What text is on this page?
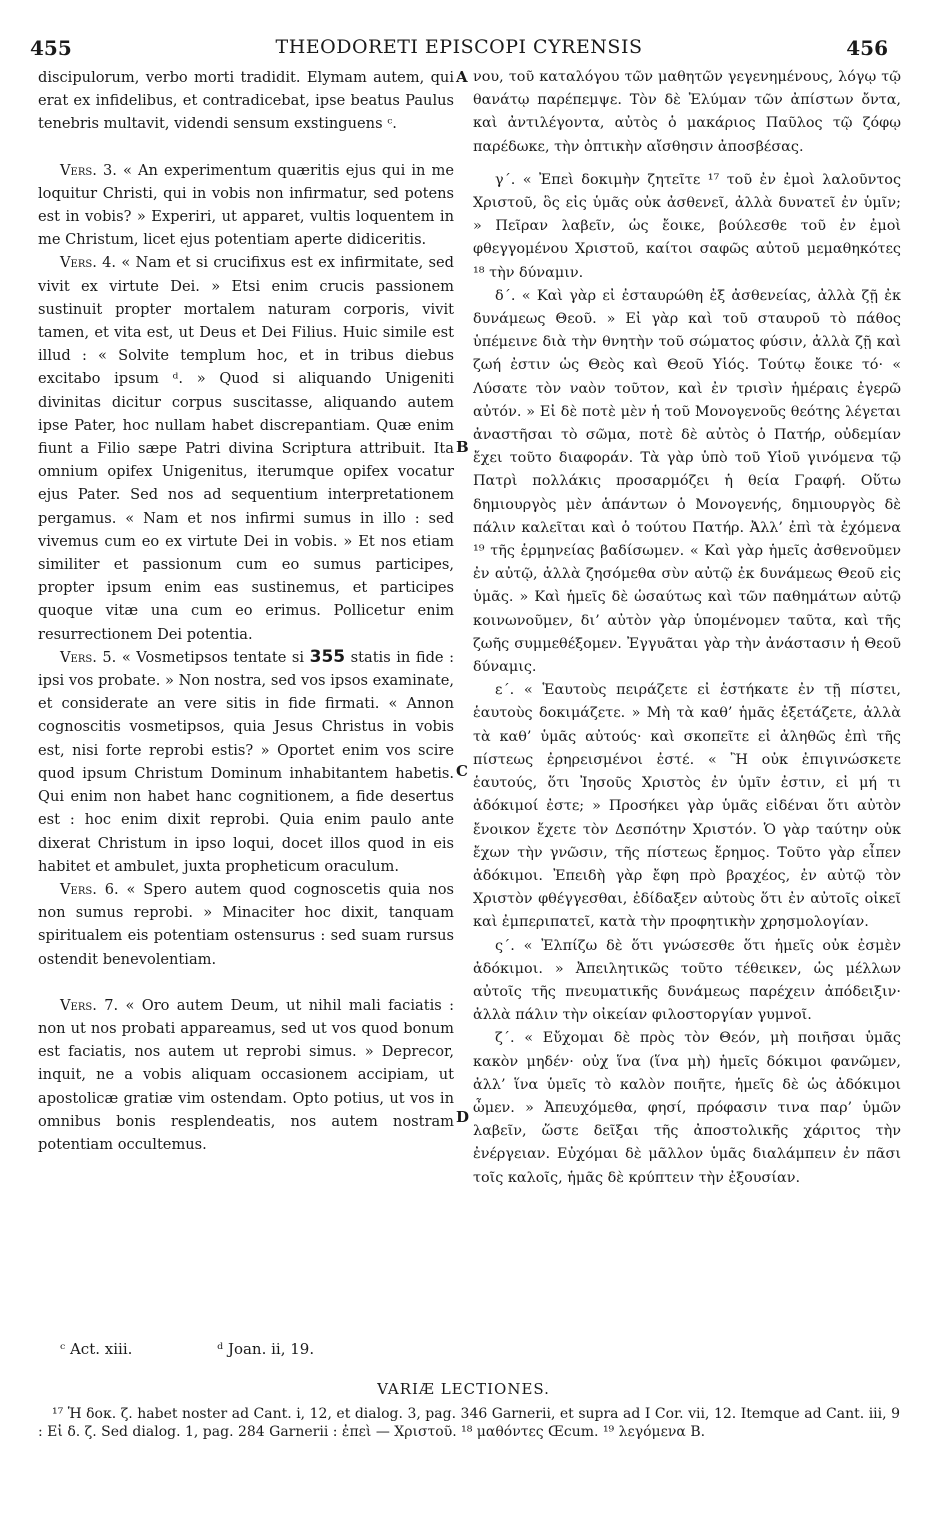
455	THEODORETI EPISCOPI CYRENSIS	456

discipulorum, verbo morti tradidit. Elymam autem, qui erat ex infidelibus, et contradicebat, ipse beatus Paulus tenebris multavit, videndi sensum exstinguens ᶜ.

Vers. 3. « An experimentum quæritis ejus qui in me loquitur Christi, qui in vobis non infirmatur, sed potens est in vobis? » Experiri, ut apparet, vultis loquentem in me Christum, licet ejus potentiam aperte didiceritis.

Vers. 4. « Nam et si crucifixus est ex infirmitate, sed vivit ex virtute Dei. » Etsi enim crucis passionem sustinuit propter mortalem naturam corporis, vivit tamen, et vita est, ut Deus et Dei Filius. Huic simile est illud : « Solvite templum hoc, et in tribus diebus excitabo ipsum ᵈ. » Quod si aliquando Unigeniti divinitas dicitur corpus suscitasse, aliquando autem ipse Pater, hoc nullam habet discrepantiam. Quæ enim fiunt a Filio sæpe Patri divina Scriptura attribuit. Ita omnium opifex Unigenitus, iterumque opifex vocatur ejus Pater. Sed nos ad sequentium interpretationem pergamus. « Nam et nos infirmi sumus in illo : sed vivemus cum eo ex virtute Dei in vobis. » Et nos etiam similiter et passionum cum eo sumus participes, propter ipsum enim eas sustinemus, et participes quoque vitæ una cum eo erimus. Pollicetur enim resurrectionem Dei potentia.

Vers. 5. « Vosmetipsos tentate si 355 statis in fide : ipsi vos probate. » Non nostra, sed vos ipsos examinate, et considerate an vere sitis in fide firmati. « Annon cognoscitis vosmetipsos, quia Jesus Christus in vobis est, nisi forte reprobi estis? » Oportet enim vos scire quod ipsum Christum Dominum inhabitantem habetis. Qui enim non habet hanc cognitionem, a fide desertus est : hoc enim dixit reprobi. Quia enim paulo ante dixerat Christum in ipso loqui, docet illos quod in eis habitet et ambulet, juxta propheticum oraculum.

Vers. 6. « Spero autem quod cognoscetis quia nos non sumus reprobi. » Minaciter hoc dixit, tanquam spiritualem eis potentiam ostensurus : sed suam rursus ostendit benevolentiam.

Vers. 7. « Oro autem Deum, ut nihil mali faciatis : non ut nos probati appareamus, sed ut vos quod bonum est faciatis, nos autem ut reprobi simus. » Deprecor, inquit, ne a vobis aliquam occasionem accipiam, ut apostolicæ gratiæ vim ostendam. Opto potius, ut vos in omnibus bonis resplendeatis, nos autem nostram potentiam occultemus.

A
B
C
D

νου, τοῦ καταλόγου τῶν μαθητῶν γεγενημένους, λόγῳ τῷ θανάτῳ παρέπεμψε. Τὸν δὲ Ἐλύμαν τῶν ἀπίστων ὄντα, καὶ ἀντιλέγοντα, αὐτὸς ὁ μακάριος Παῦλος τῷ ζόφῳ παρέδωκε, τὴν ὀπτικὴν αἴσθησιν ἀποσβέσας.

γ΄. « Ἐπεὶ δοκιμὴν ζητεῖτε ¹⁷ τοῦ ἐν ἐμοὶ λαλοῦντος Χριστοῦ, ὃς εἰς ὑμᾶς οὐκ ἀσθενεῖ, ἀλλὰ δυνατεῖ ἐν ὑμῖν; » Πεῖραν λαβεῖν, ὡς ἔοικε, βούλεσθε τοῦ ἐν ἐμοὶ φθεγγομένου Χριστοῦ, καίτοι σαφῶς αὐτοῦ μεμαθηκότες ¹⁸ τὴν δύναμιν.

δ΄. « Καὶ γὰρ εἰ ἐσταυρώθη ἐξ ἀσθενείας, ἀλλὰ ζῇ ἐκ δυνάμεως Θεοῦ. » Εἰ γὰρ καὶ τοῦ σταυροῦ τὸ πάθος ὑπέμεινε διὰ τὴν θνητὴν τοῦ σώματος φύσιν, ἀλλὰ ζῇ καὶ ζωή ἐστιν ὡς Θεὸς καὶ Θεοῦ Υἱός. Τούτῳ ἔοικε τό· « Λύσατε τὸν ναὸν τοῦτον, καὶ ἐν τρισὶν ἡμέραις ἐγερῶ αὐτόν. » Εἰ δὲ ποτὲ μὲν ἡ τοῦ Μονογενοῦς θεότης λέγεται ἀναστῆσαι τὸ σῶμα, ποτὲ δὲ αὐτὸς ὁ Πατήρ, οὐδεμίαν ἔχει τοῦτο διαφοράν. Τὰ γὰρ ὑπὸ τοῦ Υἱοῦ γινόμενα τῷ Πατρὶ πολλάκις προσαρμόζει ἡ θεία Γραφή. Οὕτω δημιουργὸς μὲν ἁπάντων ὁ Μονογενής, δημιουργὸς δὲ πάλιν καλεῖται καὶ ὁ τούτου Πατήρ. Ἀλλ’ ἐπὶ τὰ ἑχόμενα ¹⁹ τῆς ἑρμηνείας βαδίσωμεν. « Καὶ γὰρ ἡμεῖς ἀσθενοῦμεν ἐν αὐτῷ, ἀλλὰ ζησόμεθα σὺν αὐτῷ ἐκ δυνάμεως Θεοῦ εἰς ὑμᾶς. » Καὶ ἡμεῖς δὲ ὡσαύτως καὶ τῶν παθημάτων αὐτῷ κοινωνοῦμεν, δι’ αὐτὸν γὰρ ὑπομένομεν ταῦτα, καὶ τῆς ζωῆς συμμεθέξομεν. Ἐγγυᾶται γὰρ τὴν ἀνάστασιν ἡ Θεοῦ δύναμις.

ε΄. « Ἑαυτοὺς πειράζετε εἰ ἑστήκατε ἐν τῇ πίστει, ἑαυτοὺς δοκιμάζετε. » Μὴ τὰ καθ’ ἡμᾶς ἐξετάζετε, ἀλλὰ τὰ καθ’ ὑμᾶς αὐτούς· καὶ σκοπεῖτε εἰ ἀληθῶς ἐπὶ τῆς πίστεως ἐρηρεισμένοι ἐστέ. « Ἢ οὐκ ἐπιγινώσκετε ἑαυτούς, ὅτι Ἰησοῦς Χριστὸς ἐν ὑμῖν ἐστιν, εἰ μή τι ἀδόκιμοί ἐστε; » Προσήκει γὰρ ὑμᾶς εἰδέναι ὅτι αὐτὸν ἔνοικον ἔχετε τὸν Δεσπότην Χριστόν. Ὁ γὰρ ταύτην οὐκ ἔχων τὴν γνῶσιν, τῆς πίστεως ἔρημος. Τοῦτο γὰρ εἶπεν ἀδόκιμοι. Ἐπειδὴ γὰρ ἔφη πρὸ βραχέος, ἐν αὐτῷ τὸν Χριστὸν φθέγγεσθαι, ἐδίδαξεν αὐτοὺς ὅτι ἐν αὐτοῖς οἰκεῖ καὶ ἐμπεριπατεῖ, κατὰ τὴν προφητικὴν χρησμολογίαν.

ς΄. « Ἐλπίζω δὲ ὅτι γνώσεσθε ὅτι ἡμεῖς οὐκ ἐσμὲν ἀδόκιμοι. » Ἀπειλητικῶς τοῦτο τέθεικεν, ὡς μέλλων αὐτοῖς τῆς πνευματικῆς δυνάμεως παρέχειν ἀπόδειξιν· ἀλλὰ πάλιν τὴν οἰκείαν φιλοστοργίαν γυμνοῖ.

ζ΄. « Εὔχομαι δὲ πρὸς τὸν Θεόν, μὴ ποιῆσαι ὑμᾶς κακὸν μηδέν· οὐχ ἵνα (ἵνα μὴ) ἡμεῖς δόκιμοι φανῶμεν, ἀλλ’ ἵνα ὑμεῖς τὸ καλὸν ποιῆτε, ἡμεῖς δὲ ὡς ἀδόκιμοι ὦμεν. » Ἀπευχόμεθα, φησί, πρόφασιν τινα παρ’ ὑμῶν λαβεῖν, ὥστε δεῖξαι τῆς ἀποστολικῆς χάριτος τὴν ἐνέργειαν. Εὐχόμαι δὲ μᾶλλον ὑμᾶς διαλάμπειν ἐν πᾶσι τοῖς καλοῖς, ἡμᾶς δὲ κρύπτειν τὴν ἐξουσίαν.

ᶜ Act. xiii.	ᵈ Joan. ii, 19.
VARIÆ LECTIONES.

¹⁷ Ἡ δοκ. ζ. habet noster ad Cant. i, 12, et dialog. 3, pag. 346 Garnerii, et supra ad I Cor. vii, 12. Itemque ad Cant. iii, 9 : Εἰ δ. ζ. Sed dialog. 1, pag. 284 Garnerii : ἐπεὶ — Χριστοῦ. ¹⁸ μαθόντες Œcum. ¹⁹ λεγόμενα B.
